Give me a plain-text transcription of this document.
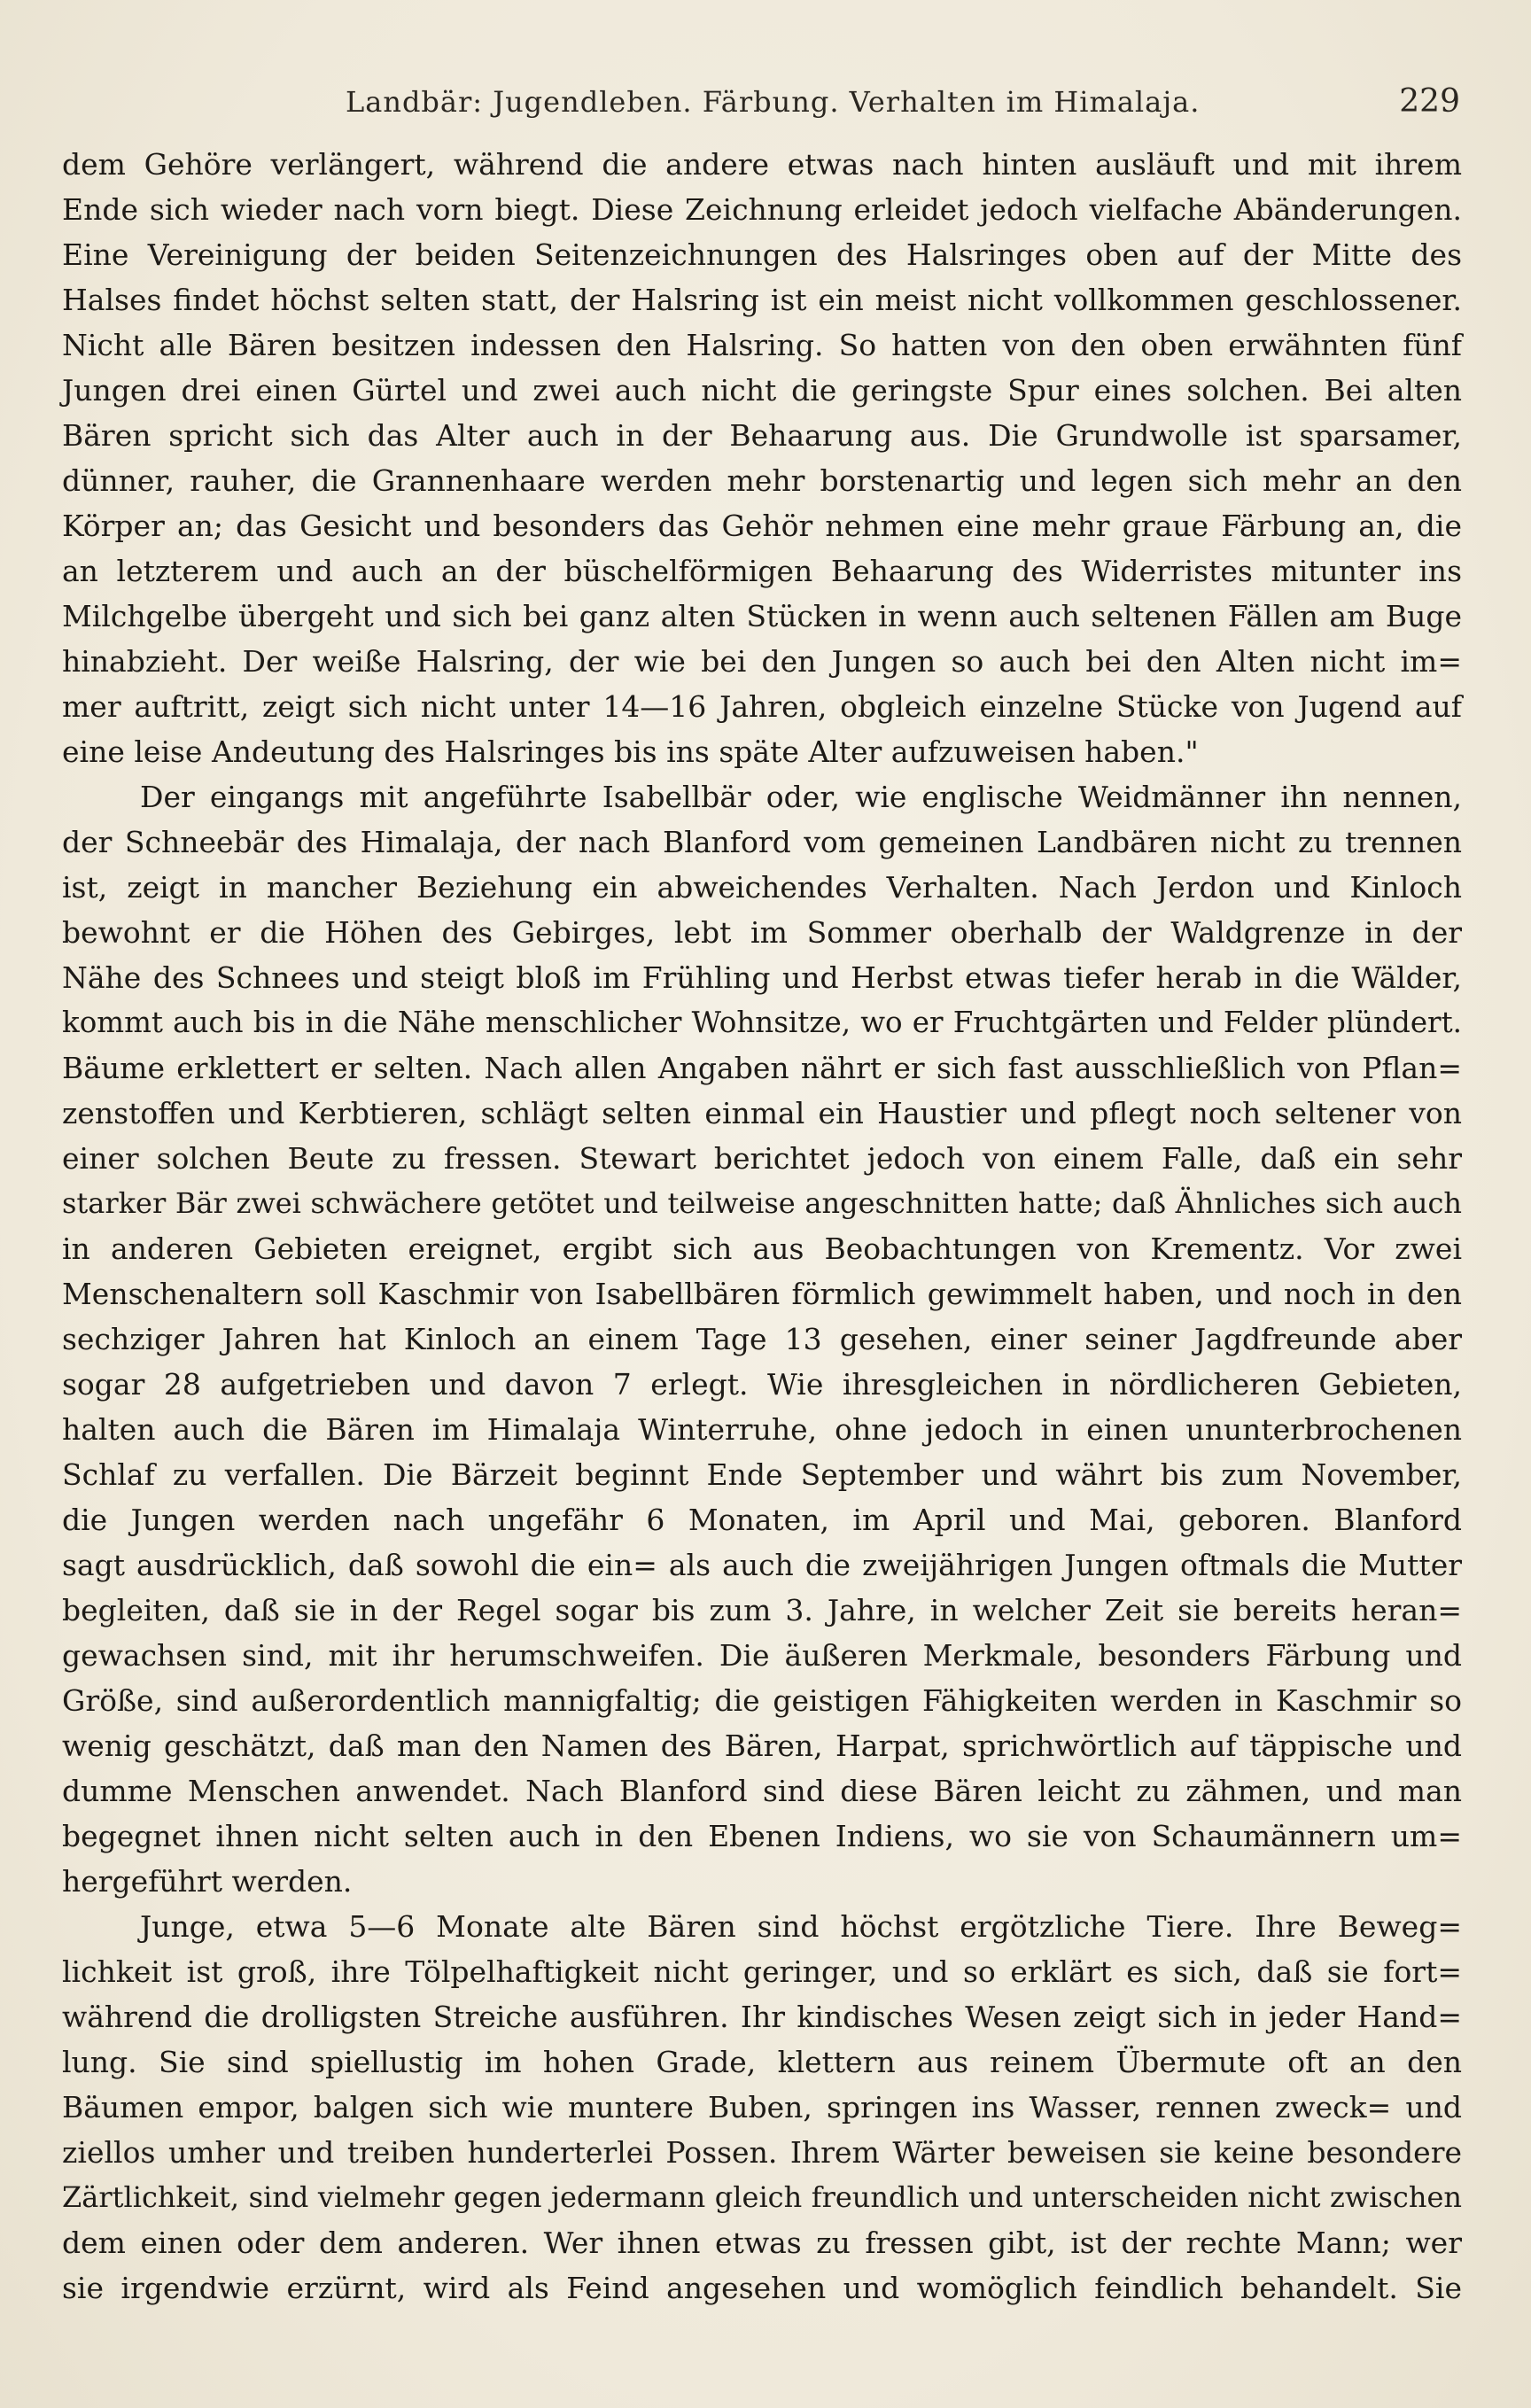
Landbär: Jugendleben. Färbung. Verhalten im Himalaja.	229
dem Gehöre verlängert, während die andere etwas nach hinten ausläuft und mit ihrem
Ende sich wieder nach vorn biegt. Diese Zeichnung erleidet jedoch vielfache Abänderungen.
Eine Vereinigung der beiden Seitenzeichnungen des Halsringes oben auf der Mitte des
Halses findet höchst selten statt, der Halsring ist ein meist nicht vollkommen geschlossener.
Nicht alle Bären besitzen indessen den Halsring. So hatten von den oben erwähnten fünf
Jungen drei einen Gürtel und zwei auch nicht die geringste Spur eines solchen. Bei alten
Bären spricht sich das Alter auch in der Behaarung aus. Die Grundwolle ist sparsamer,
dünner, rauher, die Grannenhaare werden mehr borstenartig und legen sich mehr an den
Körper an; das Gesicht und besonders das Gehör nehmen eine mehr graue Färbung an, die
an letzterem und auch an der büschelförmigen Behaarung des Widerristes mitunter ins
Milchgelbe übergeht und sich bei ganz alten Stücken in wenn auch seltenen Fällen am Buge
hinabzieht. Der weiße Halsring, der wie bei den Jungen so auch bei den Alten nicht im=
mer auftritt, zeigt sich nicht unter 14—16 Jahren, obgleich einzelne Stücke von Jugend auf
eine leise Andeutung des Halsringes bis ins späte Alter aufzuweisen haben."
Der eingangs mit angeführte Isabellbär oder, wie englische Weidmänner ihn nennen,
der Schneebär des Himalaja, der nach Blanford vom gemeinen Landbären nicht zu trennen
ist, zeigt in mancher Beziehung ein abweichendes Verhalten. Nach Jerdon und Kinloch
bewohnt er die Höhen des Gebirges, lebt im Sommer oberhalb der Waldgrenze in der
Nähe des Schnees und steigt bloß im Frühling und Herbst etwas tiefer herab in die Wälder,
kommt auch bis in die Nähe menschlicher Wohnsitze, wo er Fruchtgärten und Felder plündert.
Bäume erklettert er selten. Nach allen Angaben nährt er sich fast ausschließlich von Pflan=
zenstoffen und Kerbtieren, schlägt selten einmal ein Haustier und pflegt noch seltener von
einer solchen Beute zu fressen. Stewart berichtet jedoch von einem Falle, daß ein sehr
starker Bär zwei schwächere getötet und teilweise angeschnitten hatte; daß Ähnliches sich auch
in anderen Gebieten ereignet, ergibt sich aus Beobachtungen von Krementz. Vor zwei
Menschenaltern soll Kaschmir von Isabellbären förmlich gewimmelt haben, und noch in den
sechziger Jahren hat Kinloch an einem Tage 13 gesehen, einer seiner Jagdfreunde aber
sogar 28 aufgetrieben und davon 7 erlegt. Wie ihresgleichen in nördlicheren Gebieten,
halten auch die Bären im Himalaja Winterruhe, ohne jedoch in einen ununterbrochenen
Schlaf zu verfallen. Die Bärzeit beginnt Ende September und währt bis zum November,
die Jungen werden nach ungefähr 6 Monaten, im April und Mai, geboren. Blanford
sagt ausdrücklich, daß sowohl die ein= als auch die zweijährigen Jungen oftmals die Mutter
begleiten, daß sie in der Regel sogar bis zum 3. Jahre, in welcher Zeit sie bereits heran=
gewachsen sind, mit ihr herumschweifen. Die äußeren Merkmale, besonders Färbung und
Größe, sind außerordentlich mannigfaltig; die geistigen Fähigkeiten werden in Kaschmir so
wenig geschätzt, daß man den Namen des Bären, Harpat, sprichwörtlich auf täppische und
dumme Menschen anwendet. Nach Blanford sind diese Bären leicht zu zähmen, und man
begegnet ihnen nicht selten auch in den Ebenen Indiens, wo sie von Schaumännern um=
hergeführt werden.
Junge, etwa 5—6 Monate alte Bären sind höchst ergötzliche Tiere. Ihre Beweg=
lichkeit ist groß, ihre Tölpelhaftigkeit nicht geringer, und so erklärt es sich, daß sie fort=
während die drolligsten Streiche ausführen. Ihr kindisches Wesen zeigt sich in jeder Hand=
lung. Sie sind spiellustig im hohen Grade, klettern aus reinem Übermute oft an den
Bäumen empor, balgen sich wie muntere Buben, springen ins Wasser, rennen zweck= und
ziellos umher und treiben hunderterlei Possen. Ihrem Wärter beweisen sie keine besondere
Zärtlichkeit, sind vielmehr gegen jedermann gleich freundlich und unterscheiden nicht zwischen
dem einen oder dem anderen. Wer ihnen etwas zu fressen gibt, ist der rechte Mann; wer
sie irgendwie erzürnt, wird als Feind angesehen und womöglich feindlich behandelt. Sie
